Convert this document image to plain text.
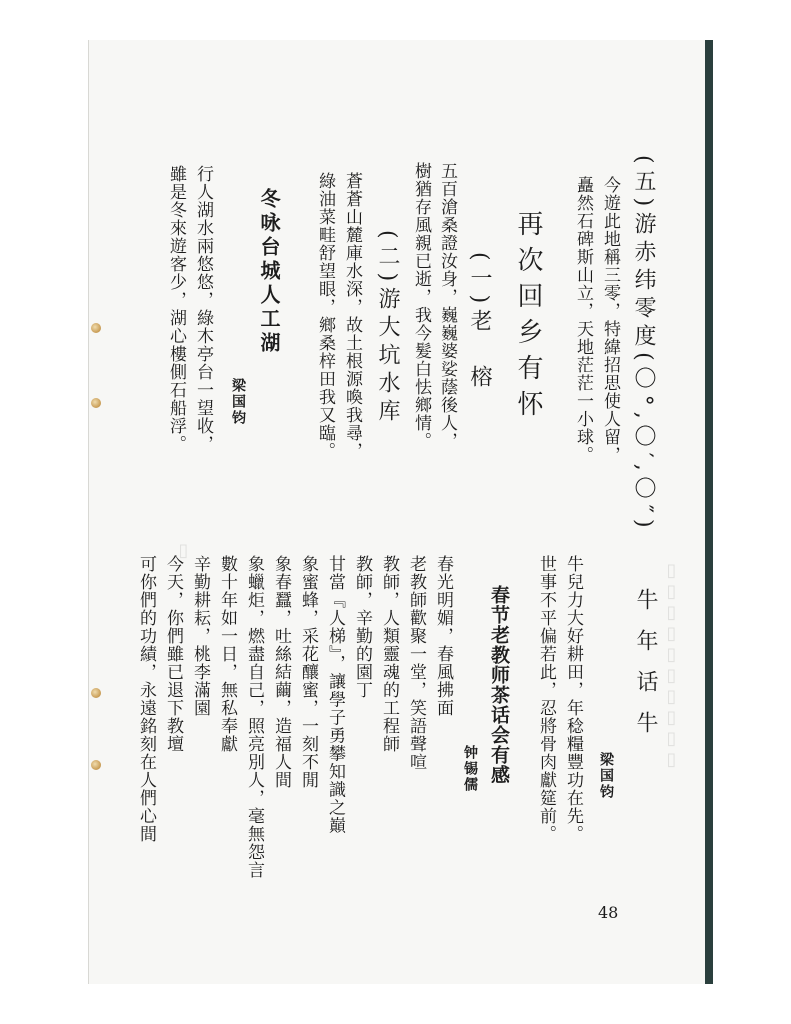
(五)游赤纬零度(〇°,〇′,〇″)
今遊此地稱三零，特緯招思使人留，
矗然石碑斯山立，天地茫茫一小球。
再次回乡有怀
(一)老　榕
五百滄桑證汝身，巍巍婆娑蔭後人，
樹猶存風親已逝，我今髮白怯鄉情。
(二)游大坑水库
蒼蒼山麓庫水深，故土根源喚我尋，
綠油菜畦舒望眼，鄉桑梓田我又臨。
冬咏台城人工湖
梁国钧
行人湖水兩悠悠，綠木亭台一望收，
雖是冬來遊客少，湖心樓側石船浮。
▯▯▯▯▯▯▯▯▯▯
▯
牛 年 话 牛
梁国钧
牛兒力大好耕田，年稔糧豐功在先。
世事不平偏若此，忍將骨肉獻筵前。
春节老教师茶话会有感
钟锡儒
春光明媚，春風拂面
老教師歡聚一堂，笑語聲喧
教師，人類靈魂的工程師
教師，辛勤的園丁
甘當『人梯』，讓學子勇攀知識之巔
象蜜蜂，采花釀蜜，一刻不閒
象春蠶，吐絲結繭，造福人間
象蠟炬，燃盡自己，照亮別人，毫無怨言
數十年如一日，無私奉獻
辛勤耕耘，桃李滿園
今天，你們雖已退下教壇
可你們的功績，永遠銘刻在人們心間
48
